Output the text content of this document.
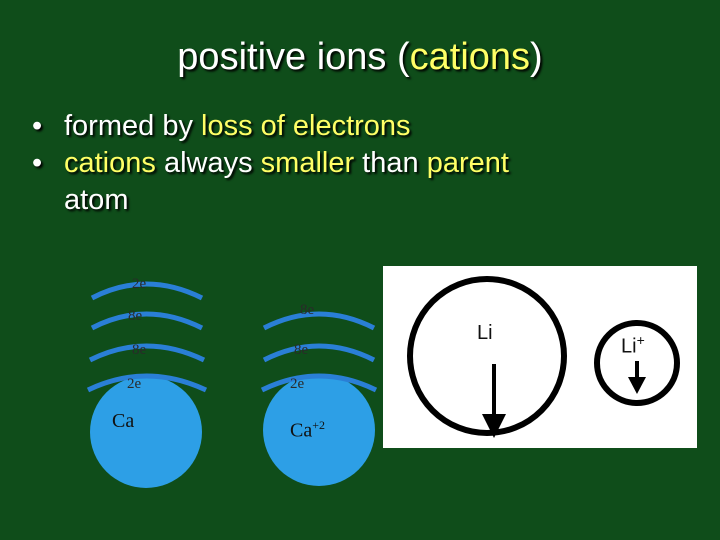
positive ions (cations)
• formed by loss of electrons
• cations always smaller than parent
atom
2e
8e
8e
2e
Ca
8e
8e
2e
$Ca^{+2}$
Li
Li+
